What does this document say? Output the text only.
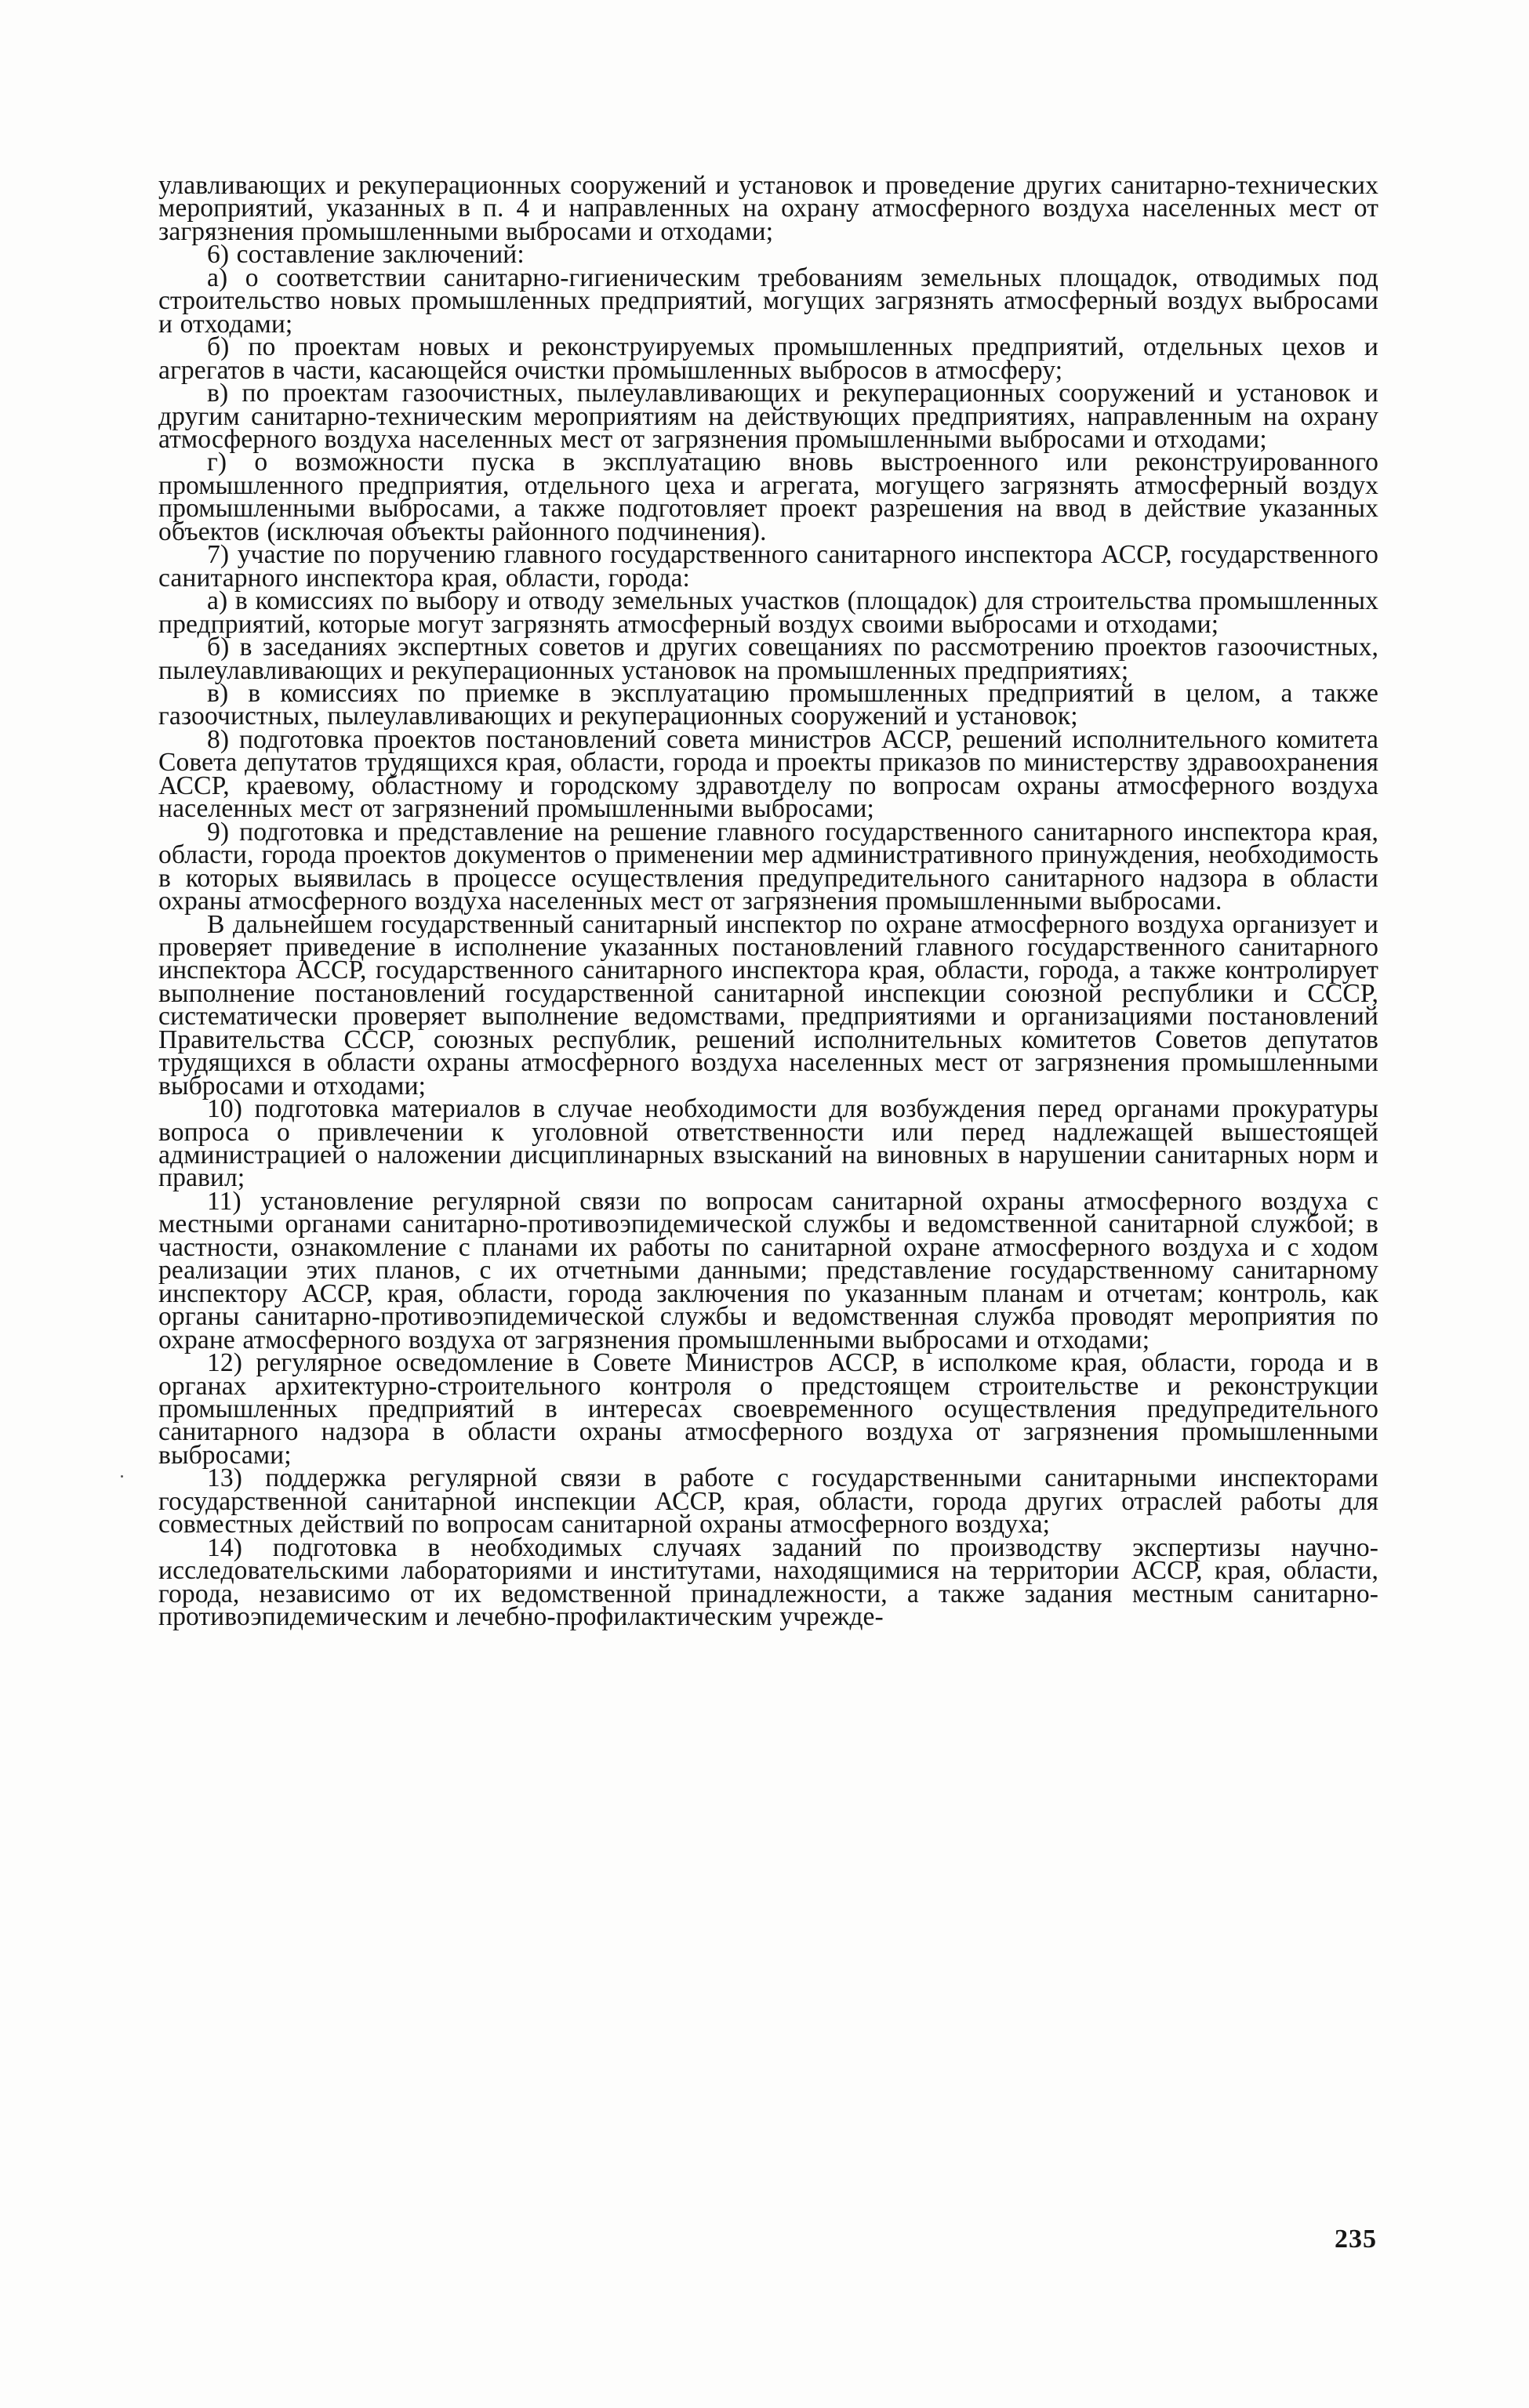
улавливающих и рекуперационных сооружений и установок и проведение других санитарно-технических мероприятий, указанных в п. 4 и направленных на охрану атмосферного воздуха населенных мест от загрязнения промышленными выбросами и отходами;

6) составление заключений:

а) о соответствии санитарно-гигиеническим требованиям земельных площадок, отводимых под строительство новых промышленных предприятий, могущих загрязнять атмосферный воздух выбросами и отходами;

б) по проектам новых и реконструируемых промышленных предприятий, отдельных цехов и агрегатов в части, касающейся очистки промышленных выбросов в атмосферу;

в) по проектам газоочистных, пылеулавливающих и рекуперационных сооружений и установок и другим санитарно-техническим мероприятиям на действующих предприятиях, направленным на охрану атмосферного воздуха населенных мест от загрязнения промышленными выбросами и отходами;

г) о возможности пуска в эксплуатацию вновь выстроенного или реконструированного промышленного предприятия, отдельного цеха и агрегата, могущего загрязнять атмосферный воздух промышленными выбросами, а также подготовляет проект разрешения на ввод в действие указанных объектов (исключая объекты районного подчинения).

7) участие по поручению главного государственного санитарного инспектора АССР, государственного санитарного инспектора края, области, города:

а) в комиссиях по выбору и отводу земельных участков (площадок) для строительства промышленных предприятий, которые могут загрязнять атмосферный воздух своими выбросами и отходами;

б) в заседаниях экспертных советов и других совещаниях по рассмотрению проектов газоочистных, пылеулавливающих и рекуперационных установок на промышленных предприятиях;

в) в комиссиях по приемке в эксплуатацию промышленных предприятий в целом, а также газоочистных, пылеулавливающих и рекуперационных сооружений и установок;

8) подготовка проектов постановлений совета министров АССР, решений исполнительного комитета Совета депутатов трудящихся края, области, города и проекты приказов по министерству здравоохранения АССР, краевому, областному и городскому здравотделу по вопросам охраны атмосферного воздуха населенных мест от загрязнений промышленными выбросами;

9) подготовка и представление на решение главного государственного санитарного инспектора края, области, города проектов документов о применении мер административного принуждения, необходимость в которых выявилась в процессе осуществления предупредительного санитарного надзора в области охраны атмосферного воздуха населенных мест от загрязнения промышленными выбросами.

В дальнейшем государственный санитарный инспектор по охране атмосферного воздуха организует и проверяет приведение в исполнение указанных постановлений главного государственного санитарного инспектора АССР, государственного санитарного инспектора края, области, города, а также контролирует выполнение постановлений государственной санитарной инспекции союзной республики и СССР, систематически проверяет выполнение ведомствами, предприятиями и организациями постановлений Правительства СССР, союзных республик, решений исполнительных комитетов Советов депутатов трудящихся в области охраны атмосферного воздуха населенных мест от загрязнения промышленными выбросами и отходами;

10) подготовка материалов в случае необходимости для возбуждения перед органами прокуратуры вопроса о привлечении к уголовной ответственности или перед надлежащей вышестоящей администрацией о наложении дисциплинарных взысканий на виновных в нарушении санитарных норм и правил;

11) установление регулярной связи по вопросам санитарной охраны атмосферного воздуха с местными органами санитарно-противоэпидемической службы и ведомственной санитарной службой; в частности, ознакомление с планами их работы по санитарной охране атмосферного воздуха и с ходом реализации этих планов, с их отчетными данными; представление государственному санитарному инспектору АССР, края, области, города заключения по указанным планам и отчетам; контроль, как органы санитарно-противоэпидемической службы и ведомственная служба проводят мероприятия по охране атмосферного воздуха от загрязнения промышленными выбросами и отходами;

12) регулярное осведомление в Совете Министров АССР, в исполкоме края, области, города и в органах архитектурно-строительного контроля о предстоящем строительстве и реконструкции промышленных предприятий в интересах своевременного осуществления предупредительного санитарного надзора в области охраны атмосферного воздуха от загрязнения промышленными выбросами;

13) поддержка регулярной связи в работе с государственными санитарными инспекторами государственной санитарной инспекции АССР, края, области, города других отраслей работы для совместных действий по вопросам санитарной охраны атмосферного воздуха;

14) подготовка в необходимых случаях заданий по производству экспертизы научно-исследовательскими лабораториями и институтами, находящимися на территории АССР, края, области, города, независимо от их ведомственной принадлежности, а также задания местным санитарно-противоэпидемическим и лечебно-профилактическим учрежде-

235
